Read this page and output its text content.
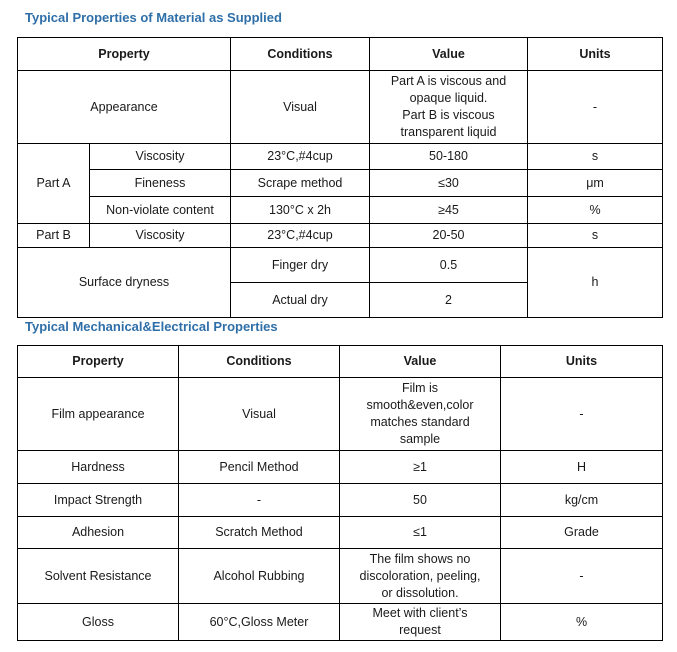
Typical Properties of Material as Supplied
Property		Conditions	Value	Units
Appearance		Visual	Part A is viscous and
opaque liquid.
Part B is viscous
transparent liquid	-
Part A	Viscosity	23°C,#4cup	50-180	s
	Fineness	Scrape method	≤30	μm
	Non-violate content	130°C x 2h	≥45	%
Part B	Viscosity	23°C,#4cup	20-50	s
Surface dryness		Finger dry	0.5	h
		Actual dry	2	
Typical Mechanical&Electrical Properties
Property	Conditions	Value	Units
Film appearance	Visual	Film is
smooth&even,color
matches standard
sample	-
Hardness	Pencil Method	≥1	H
Impact Strength	-	50	kg/cm
Adhesion	Scratch Method	≤1	Grade
Solvent Resistance	Alcohol Rubbing	The film shows no
discoloration, peeling,
or dissolution.	-
Gloss	60°C,Gloss Meter	Meet with client’s
request	%
